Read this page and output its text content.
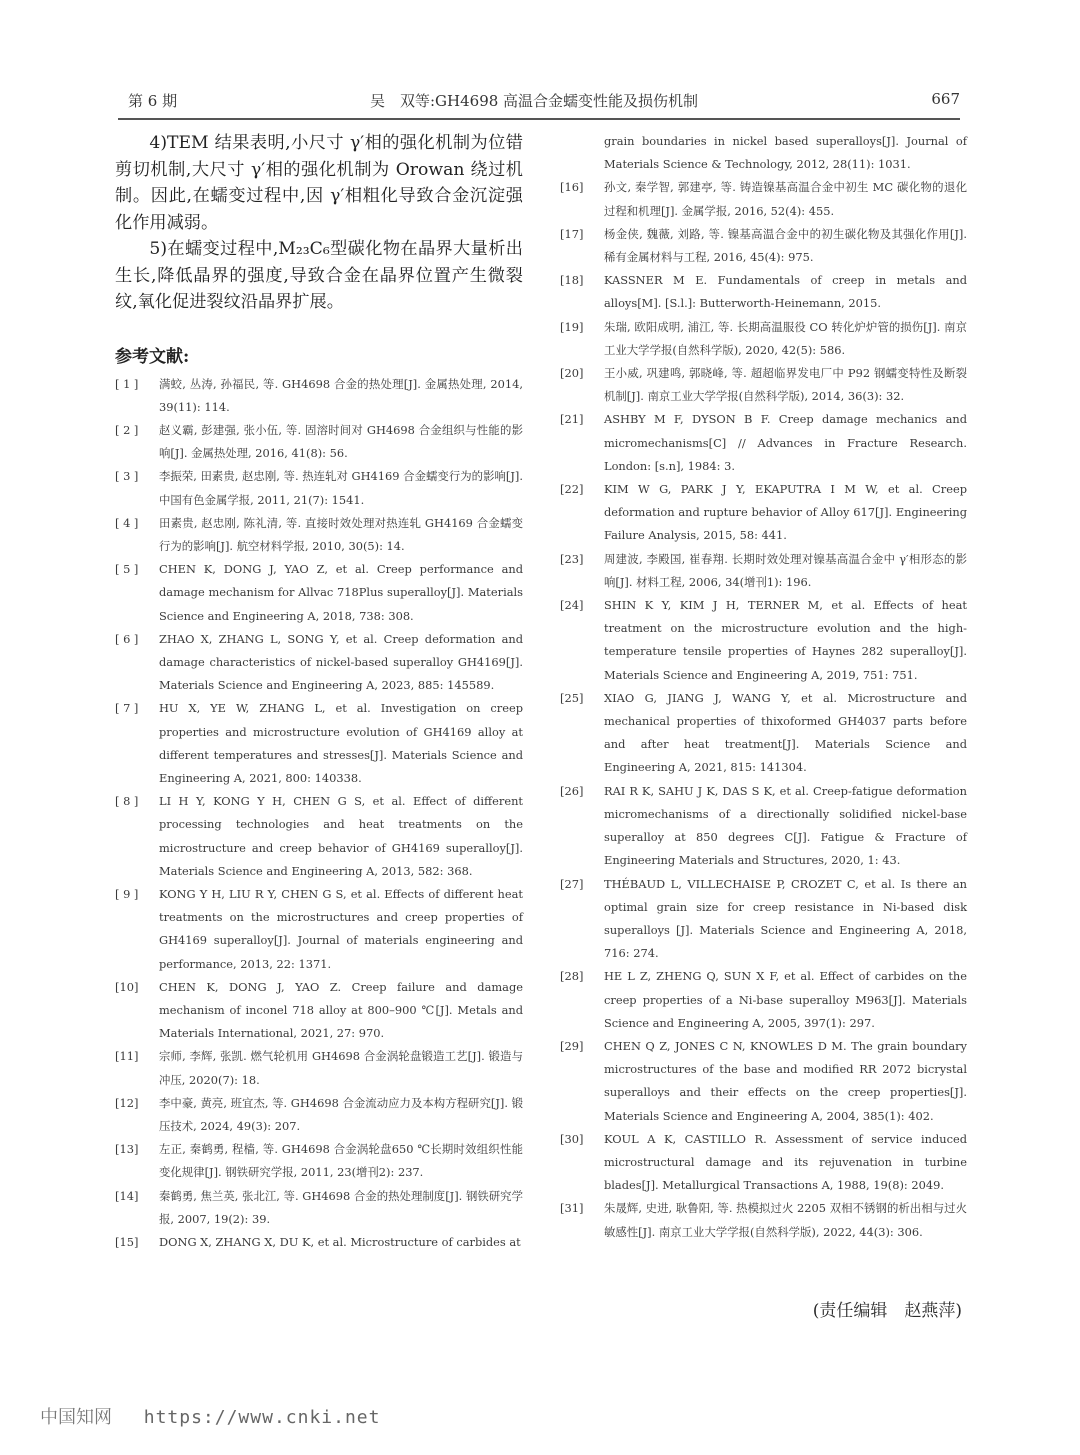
第 6 期	吴　双等:GH4698 高温合金蠕变性能及损伤机制	667

4)TEM 结果表明,小尺寸 γ′相的强化机制为位错剪切机制,大尺寸 γ′相的强化机制为 Orowan 绕过机制。因此,在蠕变过程中,因 γ′相粗化导致合金沉淀强化作用减弱。

5)在蠕变过程中,M₂₃C₆型碳化物在晶界大量析出生长,降低晶界的强度,导致合金在晶界位置产生微裂纹,氧化促进裂纹沿晶界扩展。

参考文献:
[ 1 ] 满蛟, 丛涛, 孙福民, 等. GH4698 合金的热处理[J]. 金属热处理, 2014, 39(11): 114.
[ 2 ] 赵义霸, 彭建强, 张小伍, 等. 固溶时间对 GH4698 合金组织与性能的影响[J]. 金属热处理, 2016, 41(8): 56.
[ 3 ] 李振荣, 田素贵, 赵忠刚, 等. 热连轧对 GH4169 合金蠕变行为的影响[J]. 中国有色金属学报, 2011, 21(7): 1541.
[ 4 ] 田素贵, 赵忠刚, 陈礼清, 等. 直接时效处理对热连轧 GH4169 合金蠕变行为的影响[J]. 航空材料学报, 2010, 30(5): 14.
[ 5 ] CHEN K, DONG J, YAO Z, et al. Creep performance and damage mechanism for Allvac 718Plus superalloy[J]. Materials Science and Engineering A, 2018, 738: 308.
[ 6 ] ZHAO X, ZHANG L, SONG Y, et al. Creep deformation and damage characteristics of nickel-based superalloy GH4169[J]. Materials Science and Engineering A, 2023, 885: 145589.
[ 7 ] HU X, YE W, ZHANG L, et al. Investigation on creep properties and microstructure evolution of GH4169 alloy at different temperatures and stresses[J]. Materials Science and Engineering A, 2021, 800: 140338.
[ 8 ] LI H Y, KONG Y H, CHEN G S, et al. Effect of different processing technologies and heat treatments on the microstructure and creep behavior of GH4169 superalloy[J]. Materials Science and Engineering A, 2013, 582: 368.
[ 9 ] KONG Y H, LIU R Y, CHEN G S, et al. Effects of different heat treatments on the microstructures and creep properties of GH4169 superalloy[J]. Journal of materials engineering and performance, 2013, 22: 1371.
[10] CHEN K, DONG J, YAO Z. Creep failure and damage mechanism of inconel 718 alloy at 800–900 ℃[J]. Metals and Materials International, 2021, 27: 970.
[11] 宗师, 李辉, 张凯. 燃气轮机用 GH4698 合金涡轮盘锻造工艺[J]. 锻造与冲压, 2020(7): 18.
[12] 李中豪, 黄亮, 班宜杰, 等. GH4698 合金流动应力及本构方程研究[J]. 锻压技术, 2024, 49(3): 207.
[13] 左正, 秦鹤勇, 程樯, 等. GH4698 合金涡轮盘650 ℃长期时效组织性能变化规律[J]. 钢铁研究学报, 2011, 23(增刊2): 237.
[14] 秦鹤勇, 焦兰英, 张北江, 等. GH4698 合金的热处理制度[J]. 钢铁研究学报, 2007, 19(2): 39.
[15] DONG X, ZHANG X, DU K, et al. Microstructure of carbides at
grain boundaries in nickel based superalloys[J]. Journal of Materials Science & Technology, 2012, 28(11): 1031.
[16] 孙文, 秦学智, 郭建亭, 等. 铸造镍基高温合金中初生 MC 碳化物的退化过程和机理[J]. 金属学报, 2016, 52(4): 455.
[17] 杨金侠, 魏薇, 刘路, 等. 镍基高温合金中的初生碳化物及其强化作用[J]. 稀有金属材料与工程, 2016, 45(4): 975.
[18] KASSNER M E. Fundamentals of creep in metals and alloys[M]. [S.l.]: Butterworth-Heinemann, 2015.
[19] 朱瑞, 欧阳成明, 浦江, 等. 长期高温服役 CO 转化炉炉管的损伤[J]. 南京工业大学学报(自然科学版), 2020, 42(5): 586.
[20] 王小威, 巩建鸣, 郭晓峰, 等. 超超临界发电厂中 P92 钢蠕变特性及断裂机制[J]. 南京工业大学学报(自然科学版), 2014, 36(3): 32.
[21] ASHBY M F, DYSON B F. Creep damage mechanics and micromechanisms[C] // Advances in Fracture Research. London: [s.n], 1984: 3.
[22] KIM W G, PARK J Y, EKAPUTRA I M W, et al. Creep deformation and rupture behavior of Alloy 617[J]. Engineering Failure Analysis, 2015, 58: 441.
[23] 周建波, 李殿国, 崔春翔. 长期时效处理对镍基高温合金中 γ′相形态的影响[J]. 材料工程, 2006, 34(增刊1): 196.
[24] SHIN K Y, KIM J H, TERNER M, et al. Effects of heat treatment on the microstructure evolution and the high-temperature tensile properties of Haynes 282 superalloy[J]. Materials Science and Engineering A, 2019, 751: 751.
[25] XIAO G, JIANG J, WANG Y, et al. Microstructure and mechanical properties of thixoformed GH4037 parts before and after heat treatment[J]. Materials Science and Engineering A, 2021, 815: 141304.
[26] RAI R K, SAHU J K, DAS S K, et al. Creep-fatigue deformation micromechanisms of a directionally solidified nickel-base superalloy at 850 degrees C[J]. Fatigue & Fracture of Engineering Materials and Structures, 2020, 1: 43.
[27] THÉBAUD L, VILLECHAISE P, CROZET C, et al. Is there an optimal grain size for creep resistance in Ni-based disk superalloys [J]. Materials Science and Engineering A, 2018, 716: 274.
[28] HE L Z, ZHENG Q, SUN X F, et al. Effect of carbides on the creep properties of a Ni-base superalloy M963[J]. Materials Science and Engineering A, 2005, 397(1): 297.
[29] CHEN Q Z, JONES C N, KNOWLES D M. The grain boundary microstructures of the base and modified RR 2072 bicrystal superalloys and their effects on the creep properties[J]. Materials Science and Engineering A, 2004, 385(1): 402.
[30] KOUL A K, CASTILLO R. Assessment of service induced microstructural damage and its rejuvenation in turbine blades[J]. Metallurgical Transactions A, 1988, 19(8): 2049.
[31] 朱晟辉, 史进, 耿鲁阳, 等. 热模拟过火 2205 双相不锈钢的析出相与过火敏感性[J]. 南京工业大学学报(自然科学版), 2022, 44(3): 306.
(责任编辑　赵燕萍)
中国知网 https://www.cnki.net
